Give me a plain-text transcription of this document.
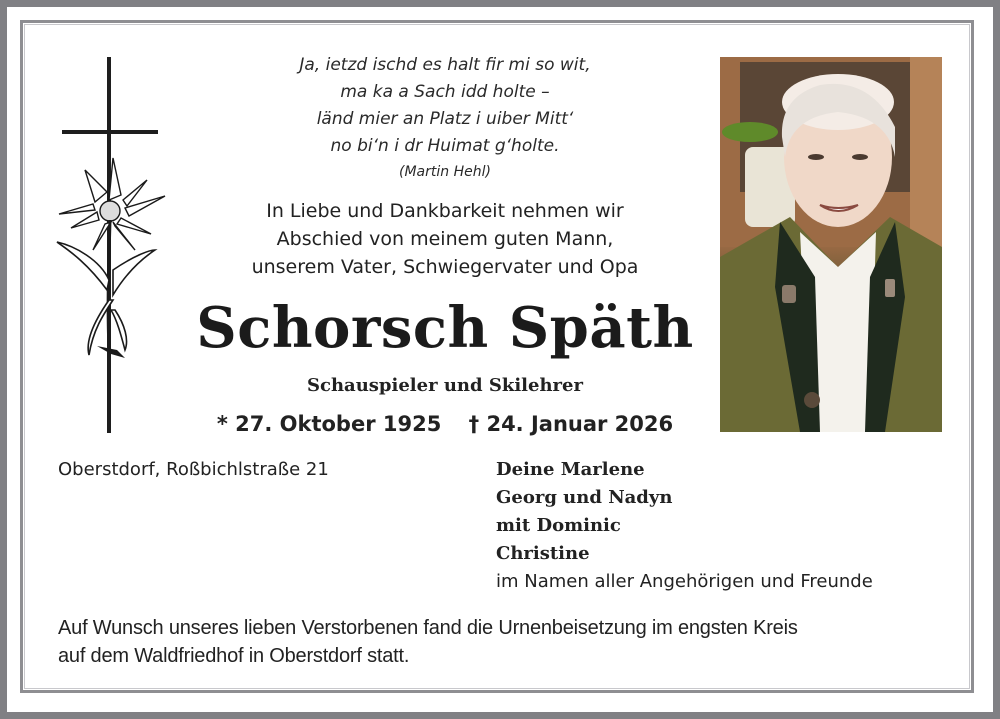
Ja, ietzd ischd es halt fir mi so wit,
ma ka a Sach idd holte –
länd mier an Platz i uiber Mitt‘
no bi‘n i dr Huimat g‘holte.
(Martin Hehl)
In Liebe und Dankbarkeit nehmen wir
Abschied von meinem guten Mann,
unserem Vater, Schwiegervater und Opa
Schorsch Späth
Schauspieler und Skilehrer
* 27. Oktober 1925 † 24. Januar 2026
Oberstdorf, Roßbichlstraße 21	Deine Marlene
Georg und Nadyn
mit Dominic
Christine
im Namen aller Angehörigen und Freunde
Auf Wunsch unseres lieben Verstorbenen fand die Urnenbeisetzung im engsten Kreis
auf dem Waldfriedhof in Oberstdorf statt.
